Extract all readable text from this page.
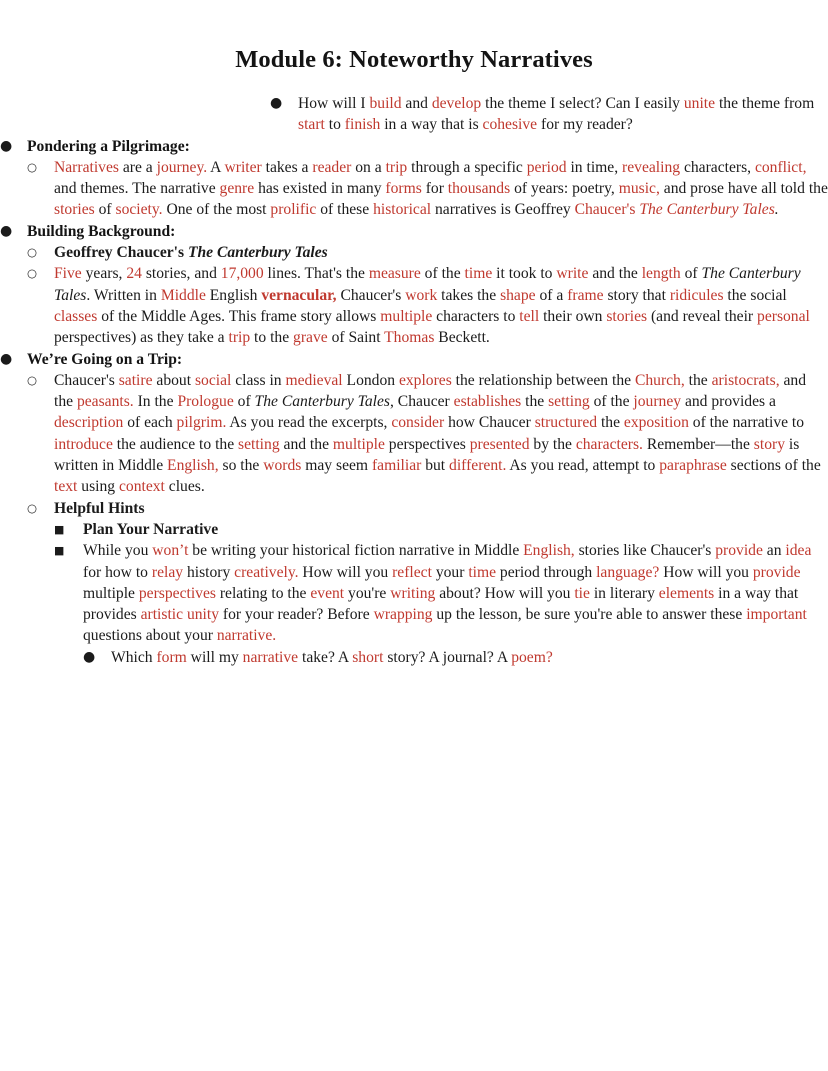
Module 6: Noteworthy Narratives
●	How will I build and develop the theme I select? Can I easily unite the theme from start to finish in a way that is cohesive for my reader?

● Pondering a Pilgrimage:
○	Narratives are a journey. A writer takes a reader on a trip through a specific period in time, revealing characters, conflict, and themes. The narrative genre has existed in many forms for thousands of years: poetry, music, and prose have all told the stories of society. One of the most prolific of these historical narratives is Geoffrey Chaucer's The Canterbury Tales.

● Building Background:
○	Geoffrey Chaucer's The Canterbury Tales
○	Five years, 24 stories, and 17,000 lines. That's the measure of the time it took to write and the length of The Canterbury Tales. Written in Middle English vernacular, Chaucer's work takes the shape of a frame story that ridicules the social classes of the Middle Ages. This frame story allows multiple characters to tell their own stories (and reveal their personal perspectives) as they take a trip to the grave of Saint Thomas Beckett.

● We’re Going on a Trip:
○	Chaucer's satire about social class in medieval London explores the relationship between the Church, the aristocrats, and the peasants. In the Prologue of The Canterbury Tales, Chaucer establishes the setting of the journey and provides a description of each pilgrim. As you read the excerpts, consider how Chaucer structured the exposition of the narrative to introduce the audience to the setting and the multiple perspectives presented by the characters. Remember—the story is written in Middle English, so the words may seem familiar but different. As you read, attempt to paraphrase sections of the text using context clues.

○	Helpful Hints
■	Plan Your Narrative
■	While you won’t be writing your historical fiction narrative in Middle English, stories like Chaucer's provide an idea for how to relay history creatively. How will you reflect your time period through language? How will you provide multiple perspectives relating to the event you're writing about? How will you tie in literary elements in a way that provides artistic unity for your reader? Before wrapping up the lesson, be sure you're able to answer these important questions about your narrative.

●	Which form will my narrative take? A short story? A journal? A poem?
